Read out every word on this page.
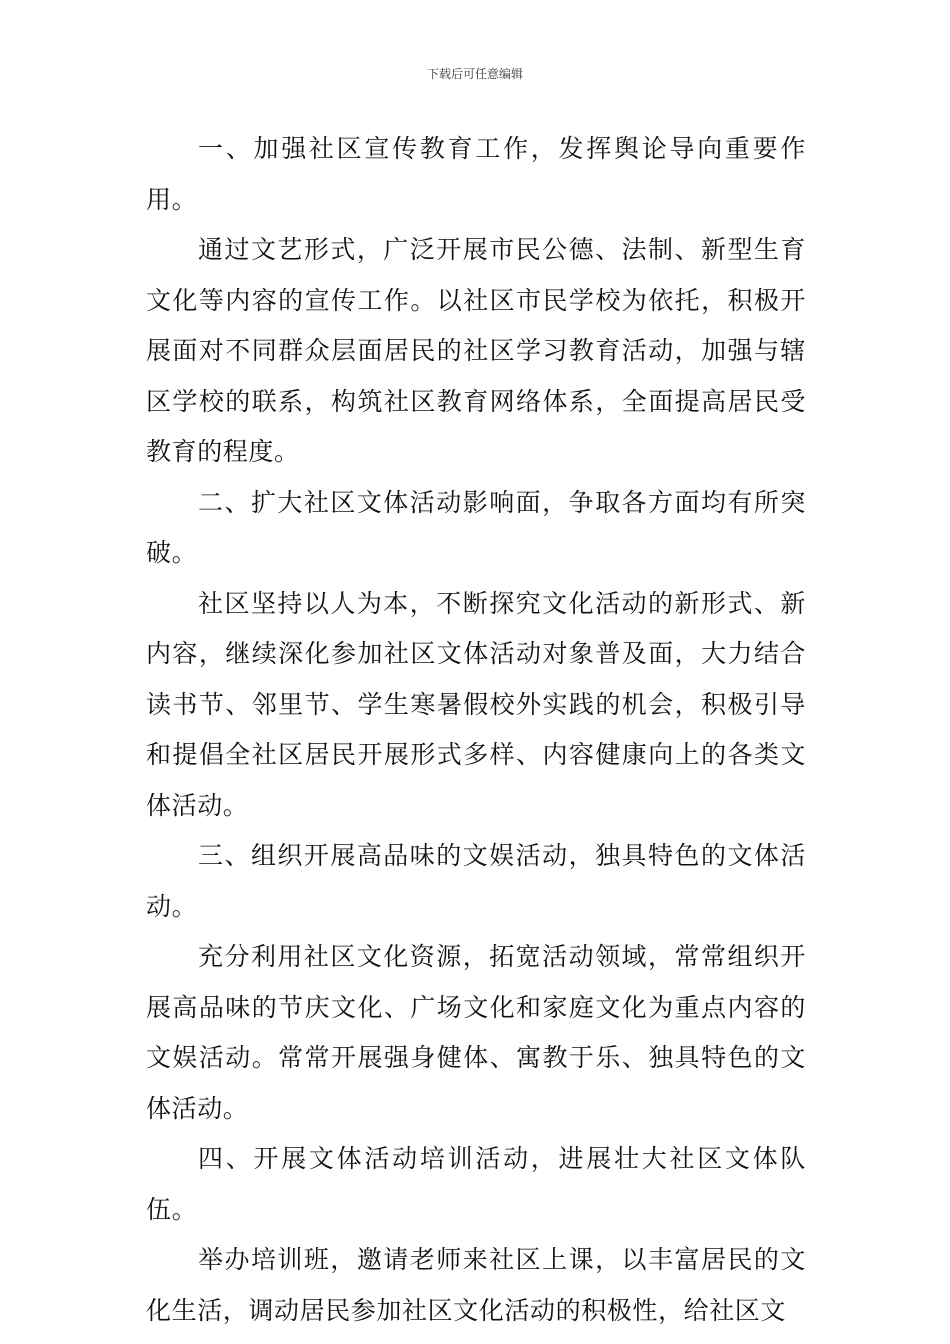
下载后可任意编辑

一、加强社区宣传教育工作，发挥舆论导向重要作用。

通过文艺形式，广泛开展市民公德、法制、新型生育文化等内容的宣传工作。以社区市民学校为依托，积极开展面对不同群众层面居民的社区学习教育活动，加强与辖区学校的联系，构筑社区教育网络体系，全面提高居民受教育的程度。

二、扩大社区文体活动影响面，争取各方面均有所突破。

社区坚持以人为本，不断探究文化活动的新形式、新内容，继续深化参加社区文体活动对象普及面，大力结合读书节、邻里节、学生寒暑假校外实践的机会，积极引导和提倡全社区居民开展形式多样、内容健康向上的各类文体活动。

三、组织开展高品味的文娱活动，独具特色的文体活动。

充分利用社区文化资源，拓宽活动领域，常常组织开展高品味的节庆文化、广场文化和家庭文化为重点内容的文娱活动。常常开展强身健体、寓教于乐、独具特色的文体活动。

四、开展文体活动培训活动，进展壮大社区文体队伍。

举办培训班，邀请老师来社区上课，以丰富居民的文化生活，调动居民参加社区文化活动的积极性，给社区文
